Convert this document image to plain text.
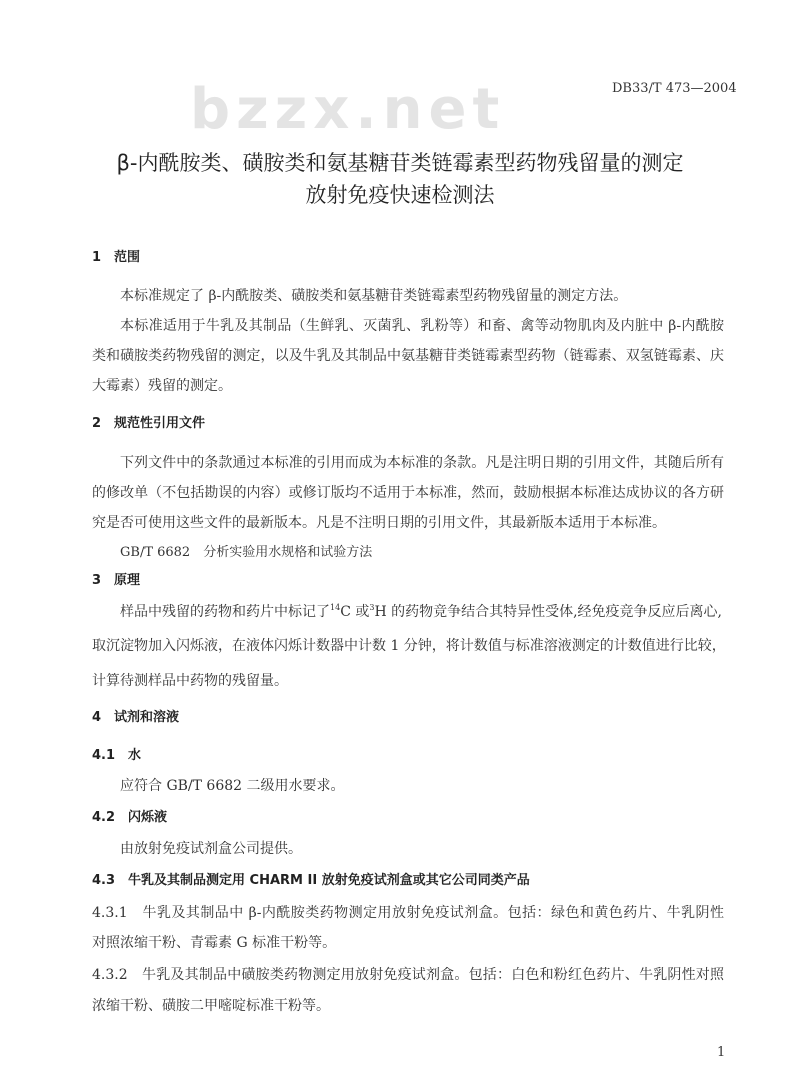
bzzx.net	DB33/T 473—2004
β-内酰胺类、磺胺类和氨基糖苷类链霉素型药物残留量的测定
放射免疫快速检测法
1　范围
本标准规定了 β-内酰胺类、磺胺类和氨基糖苷类链霉素型药物残留量的测定方法。
本标准适用于牛乳及其制品（生鲜乳、灭菌乳、乳粉等）和畜、禽等动物肌肉及内脏中 β-内酰胺
类和磺胺类药物残留的测定，以及牛乳及其制品中氨基糖苷类链霉素型药物（链霉素、双氢链霉素、庆
大霉素）残留的测定。
2　规范性引用文件
下列文件中的条款通过本标准的引用而成为本标准的条款。凡是注明日期的引用文件，其随后所有
的修改单（不包括勘误的内容）或修订版均不适用于本标准，然而，鼓励根据本标准达成协议的各方研
究是否可使用这些文件的最新版本。凡是不注明日期的引用文件，其最新版本适用于本标准。
GB/T 6682　分析实验用水规格和试验方法
3　原理
样品中残留的药物和药片中标记了$^{14}$C 或$^3$H 的药物竞争结合其特异性受体,经免疫竞争反应后离心,
取沉淀物加入闪烁液，在液体闪烁计数器中计数 1 分钟，将计数值与标准溶液测定的计数值进行比较，
计算待测样品中药物的残留量。
4　试剂和溶液
4.1　水
应符合 GB/T 6682 二级用水要求。
4.2　闪烁液
由放射免疫试剂盒公司提供。
4.3　牛乳及其制品测定用 CHARM II 放射免疫试剂盒或其它公司同类产品
4.3.1　牛乳及其制品中 β-内酰胺类药物测定用放射免疫试剂盒。包括：绿色和黄色药片、牛乳阴性
对照浓缩干粉、青霉素 G 标准干粉等。
4.3.2　牛乳及其制品中磺胺类药物测定用放射免疫试剂盒。包括：白色和粉红色药片、牛乳阴性对照
浓缩干粉、磺胺二甲嘧啶标准干粉等。
1
